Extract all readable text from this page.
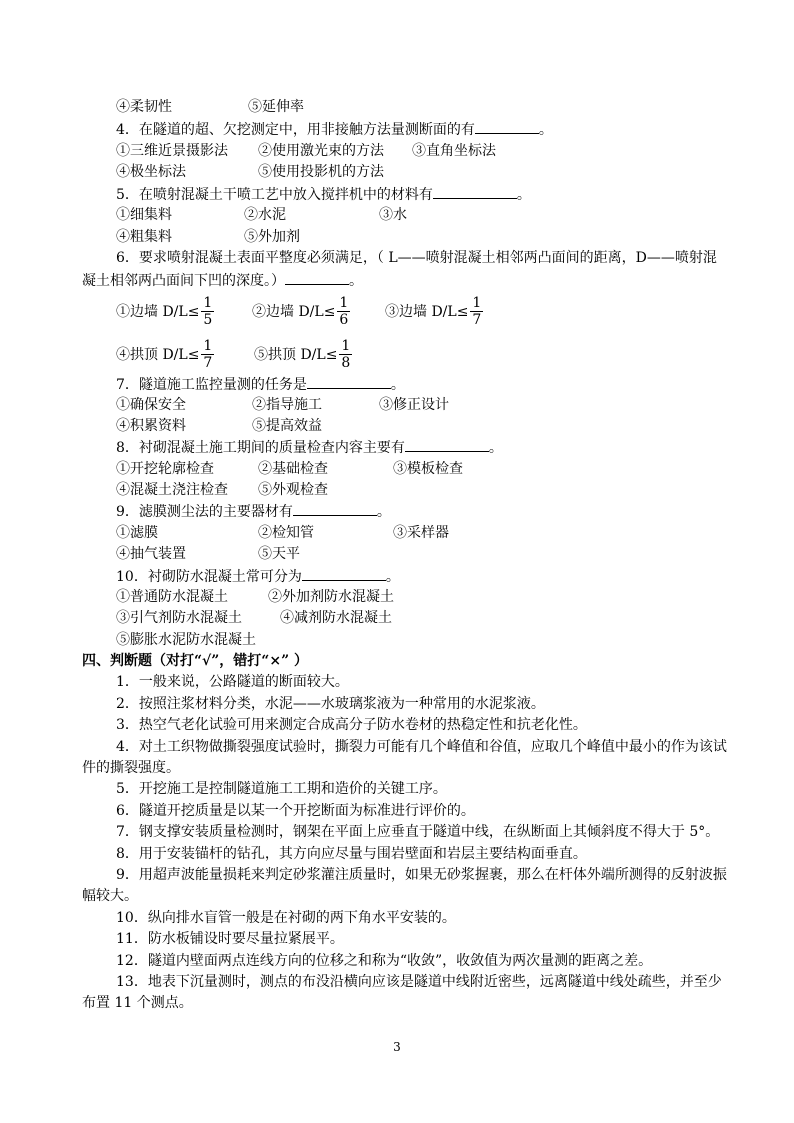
④柔韧性	⑤延伸率
4．在隧道的超、欠挖测定中，用非接触方法量测断面的有	。
①三维近景摄影法 ②使用激光束的方法 ③直角坐标法
④极坐标法	⑤使用投影机的方法
5．在喷射混凝土干喷工艺中放入搅拌机中的材料有	。
①细集料	②水泥	③水
④粗集料	⑤外加剂
6．要求喷射混凝土表面平整度必须满足，（ L——喷射混凝土相邻两凸面间的距离，D——喷射混
凝土相邻两凸面间下凹的深度。）	。
①边墙 $D/L\le \frac{1}{5}$	②边墙 $D/L\le \frac{1}{6}$ ③边墙 $D/L\le \frac{1}{7}$
④拱顶 $D/L\le \frac{1}{7}$	⑤拱顶 $D/L\le \frac{1}{8}$
7．隧道施工监控量测的任务是	。
①确保安全	②指导施工	③修正设计
④积累资料	⑤提高效益
8．衬砌混凝土施工期间的质量检查内容主要有	。
①开挖轮廓检查	②基础检查	③模板检查
④混凝土浇注检查 ⑤外观检查
9．滤膜测尘法的主要器材有	。
①滤膜	②检知管	③采样器
④抽气装置	⑤天平
10．衬砌防水混凝土常可分为	。
①普通防水混凝土	②外加剂防水混凝土
③引气剂防水混凝土	④减剂防水混凝土
⑤膨胀水泥防水混凝土
四、判断题（对打“√”，错打“×” ）
1．一般来说，公路隧道的断面较大。
2．按照注浆材料分类，水泥——水玻璃浆液为一种常用的水泥浆液。
3．热空气老化试验可用来测定合成高分子防水卷材的热稳定性和抗老化性。
4．对土工织物做撕裂强度试验时，撕裂力可能有几个峰值和谷值，应取几个峰值中最小的作为该试
件的撕裂强度。
5．开挖施工是控制隧道施工工期和造价的关键工序。
6．隧道开挖质量是以某一个开挖断面为标准进行评价的。
7．钢支撑安装质量检测时，钢架在平面上应垂直于隧道中线，在纵断面上其倾斜度不得大于 5°。
8．用于安装锚杆的钻孔，其方向应尽量与围岩壁面和岩层主要结构面垂直。
9．用超声波能量损耗来判定砂浆灌注质量时，如果无砂浆握裹，那么在杆体外端所测得的反射波振
幅较大。
10．纵向排水盲管一般是在衬砌的两下角水平安装的。
11．防水板铺设时要尽量拉紧展平。
12．隧道内壁面两点连线方向的位移之和称为“收敛”，收敛值为两次量测的距离之差。
13．地表下沉量测时，测点的布没沿横向应该是隧道中线附近密些，远离隧道中线处疏些，并至少
布置 11 个测点。
3
